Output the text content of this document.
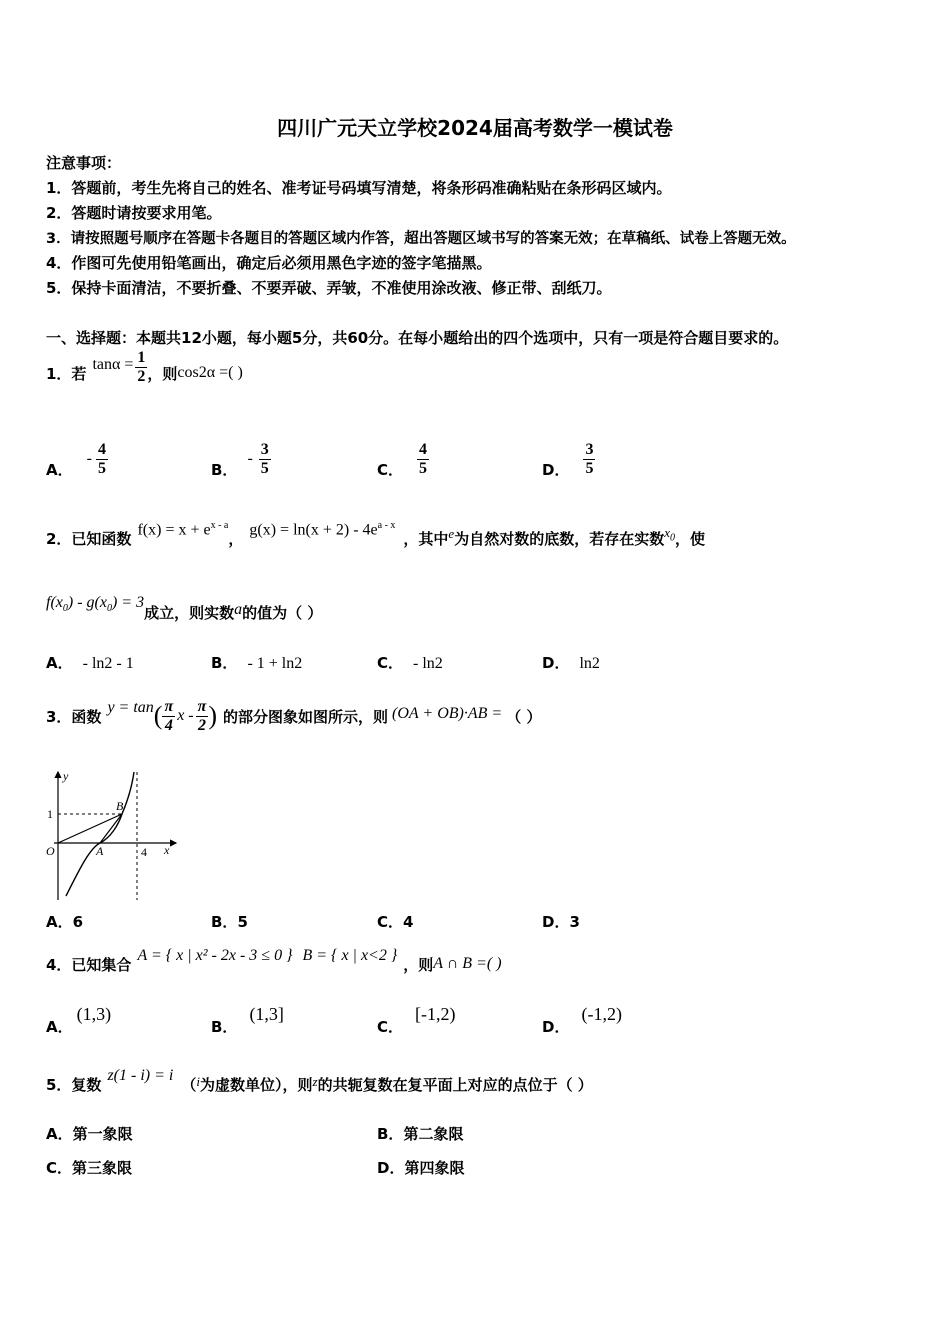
四川广元天立学校2024届高考数学一模试卷
注意事项：
1．答题前，考生先将自己的姓名、准考证号码填写清楚，将条形码准确粘贴在条形码区域内。
2．答题时请按要求用笔。
3．请按照题号顺序在答题卡各题目的答题区域内作答，超出答题区域书写的答案无效；在草稿纸、试卷上答题无效。
4．作图可先使用铅笔画出，确定后必须用黑色字迹的签字笔描黑。
5．保持卡面清洁，不要折叠、不要弄破、弄皱，不准使用涂改液、修正带、刮纸刀。
一、选择题：本题共12小题，每小题5分，共60分。在每小题给出的四个选项中，只有一项是符合题目要求的。
1．若 $\tan\alpha = \frac{1}{2}$ ，则 cos2α =( )
A．
- $\frac{4}{5}$	B．
- $\frac{3}{5}$	C． $\frac{4}{5}$	D． $\frac{3}{5}$
2．已知函数 $f(x) = x + e^{x - a}$
， $g(x) = \ln(x + 2) - 4e^{a - x}$
，其中 e 为自然对数的底数，若存在实数 $x_0$ ，使
$f(x_0) - g(x_0) = 3$
成立，则实数 a 的值为（ ）
A． - ln2 - 1	B． - 1 + ln2	C． - ln2	D． ln2
3．函数 y = tan ( $\frac{\pi}{4}$ x - $\frac{\pi}{2}$ ) 的部分图象如图所示，则 (OA + OB)·AB = （ ）
y
x
1
O	A
B
4
A．6	B．5	C．4	D．3
4．已知集合 A = { x | x² - 2x - 3 ≤ 0 } B = { x | x<2 } ，则 A ∩ B =( )
A．(1,3)
B．(1,3]
C．[-1,2)
D．(-1,2)
5．复数 z(1 - i) = i （ i 为虚数单位），则 z 的共轭复数在复平面上对应的点位于（ ）
A．第一象限	B．第二象限
C．第三象限	D．第四象限
